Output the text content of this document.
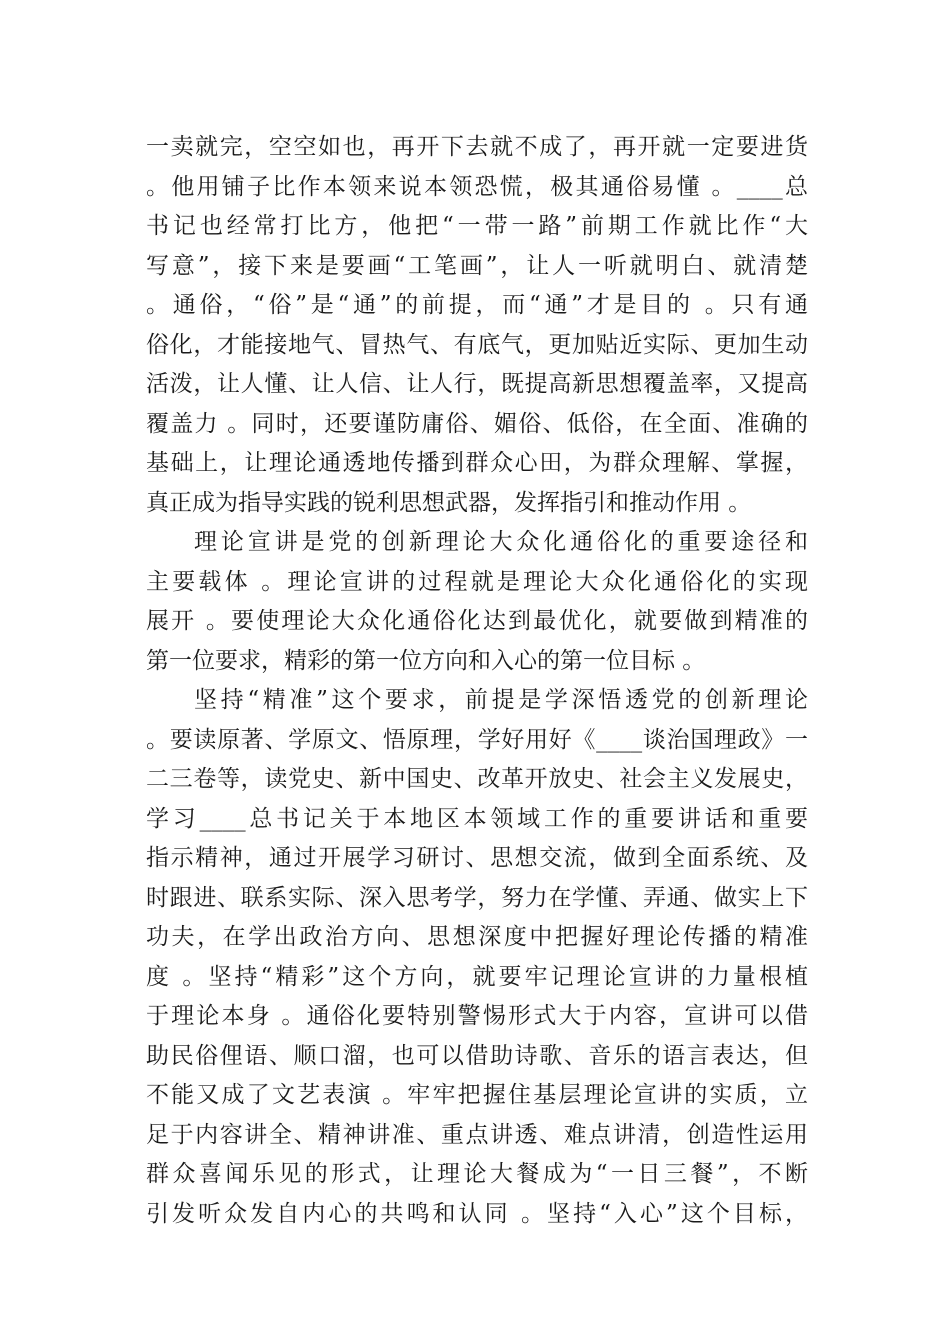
一卖就完，空空如也，再开下去就不成了，再开就一定要进货
。他用铺子比作本领来说本领恐慌，极其通俗易懂 。____总
书记也经常打比方，他把“一带一路”前期工作就比作“大
写意”，接下来是要画“工笔画”，让人一听就明白、就清楚
。通俗，“俗”是“通”的前提，而“通”才是目的 。只有通
俗化，才能接地气、冒热气、有底气，更加贴近实际、更加生动
活泼，让人懂、让人信、让人行，既提高新思想覆盖率，又提高
覆盖力 。同时，还要谨防庸俗、媚俗、低俗，在全面、准确的
基础上，让理论通透地传播到群众心田，为群众理解、掌握，
真正成为指导实践的锐利思想武器，发挥指引和推动作用 。
理论宣讲是党的创新理论大众化通俗化的重要途径和
主要载体 。理论宣讲的过程就是理论大众化通俗化的实现
展开 。要使理论大众化通俗化达到最优化，就要做到精准的
第一位要求，精彩的第一位方向和入心的第一位目标 。
坚持“精准”这个要求，前提是学深悟透党的创新理论
。要读原著、学原文、悟原理，学好用好《____谈治国理政》一
二三卷等，读党史、新中国史、改革开放史、社会主义发展史，
学习____总书记关于本地区本领域工作的重要讲话和重要
指示精神，通过开展学习研讨、思想交流，做到全面系统、及
时跟进、联系实际、深入思考学，努力在学懂、弄通、做实上下
功夫，在学出政治方向、思想深度中把握好理论传播的精准
度 。坚持“精彩”这个方向，就要牢记理论宣讲的力量根植
于理论本身 。通俗化要特别警惕形式大于内容，宣讲可以借
助民俗俚语、顺口溜，也可以借助诗歌、音乐的语言表达，但
不能又成了文艺表演 。牢牢把握住基层理论宣讲的实质，立
足于内容讲全、精神讲准、重点讲透、难点讲清，创造性运用
群众喜闻乐见的形式，让理论大餐成为“一日三餐”，不断
引发听众发自内心的共鸣和认同 。坚持“入心”这个目标，
